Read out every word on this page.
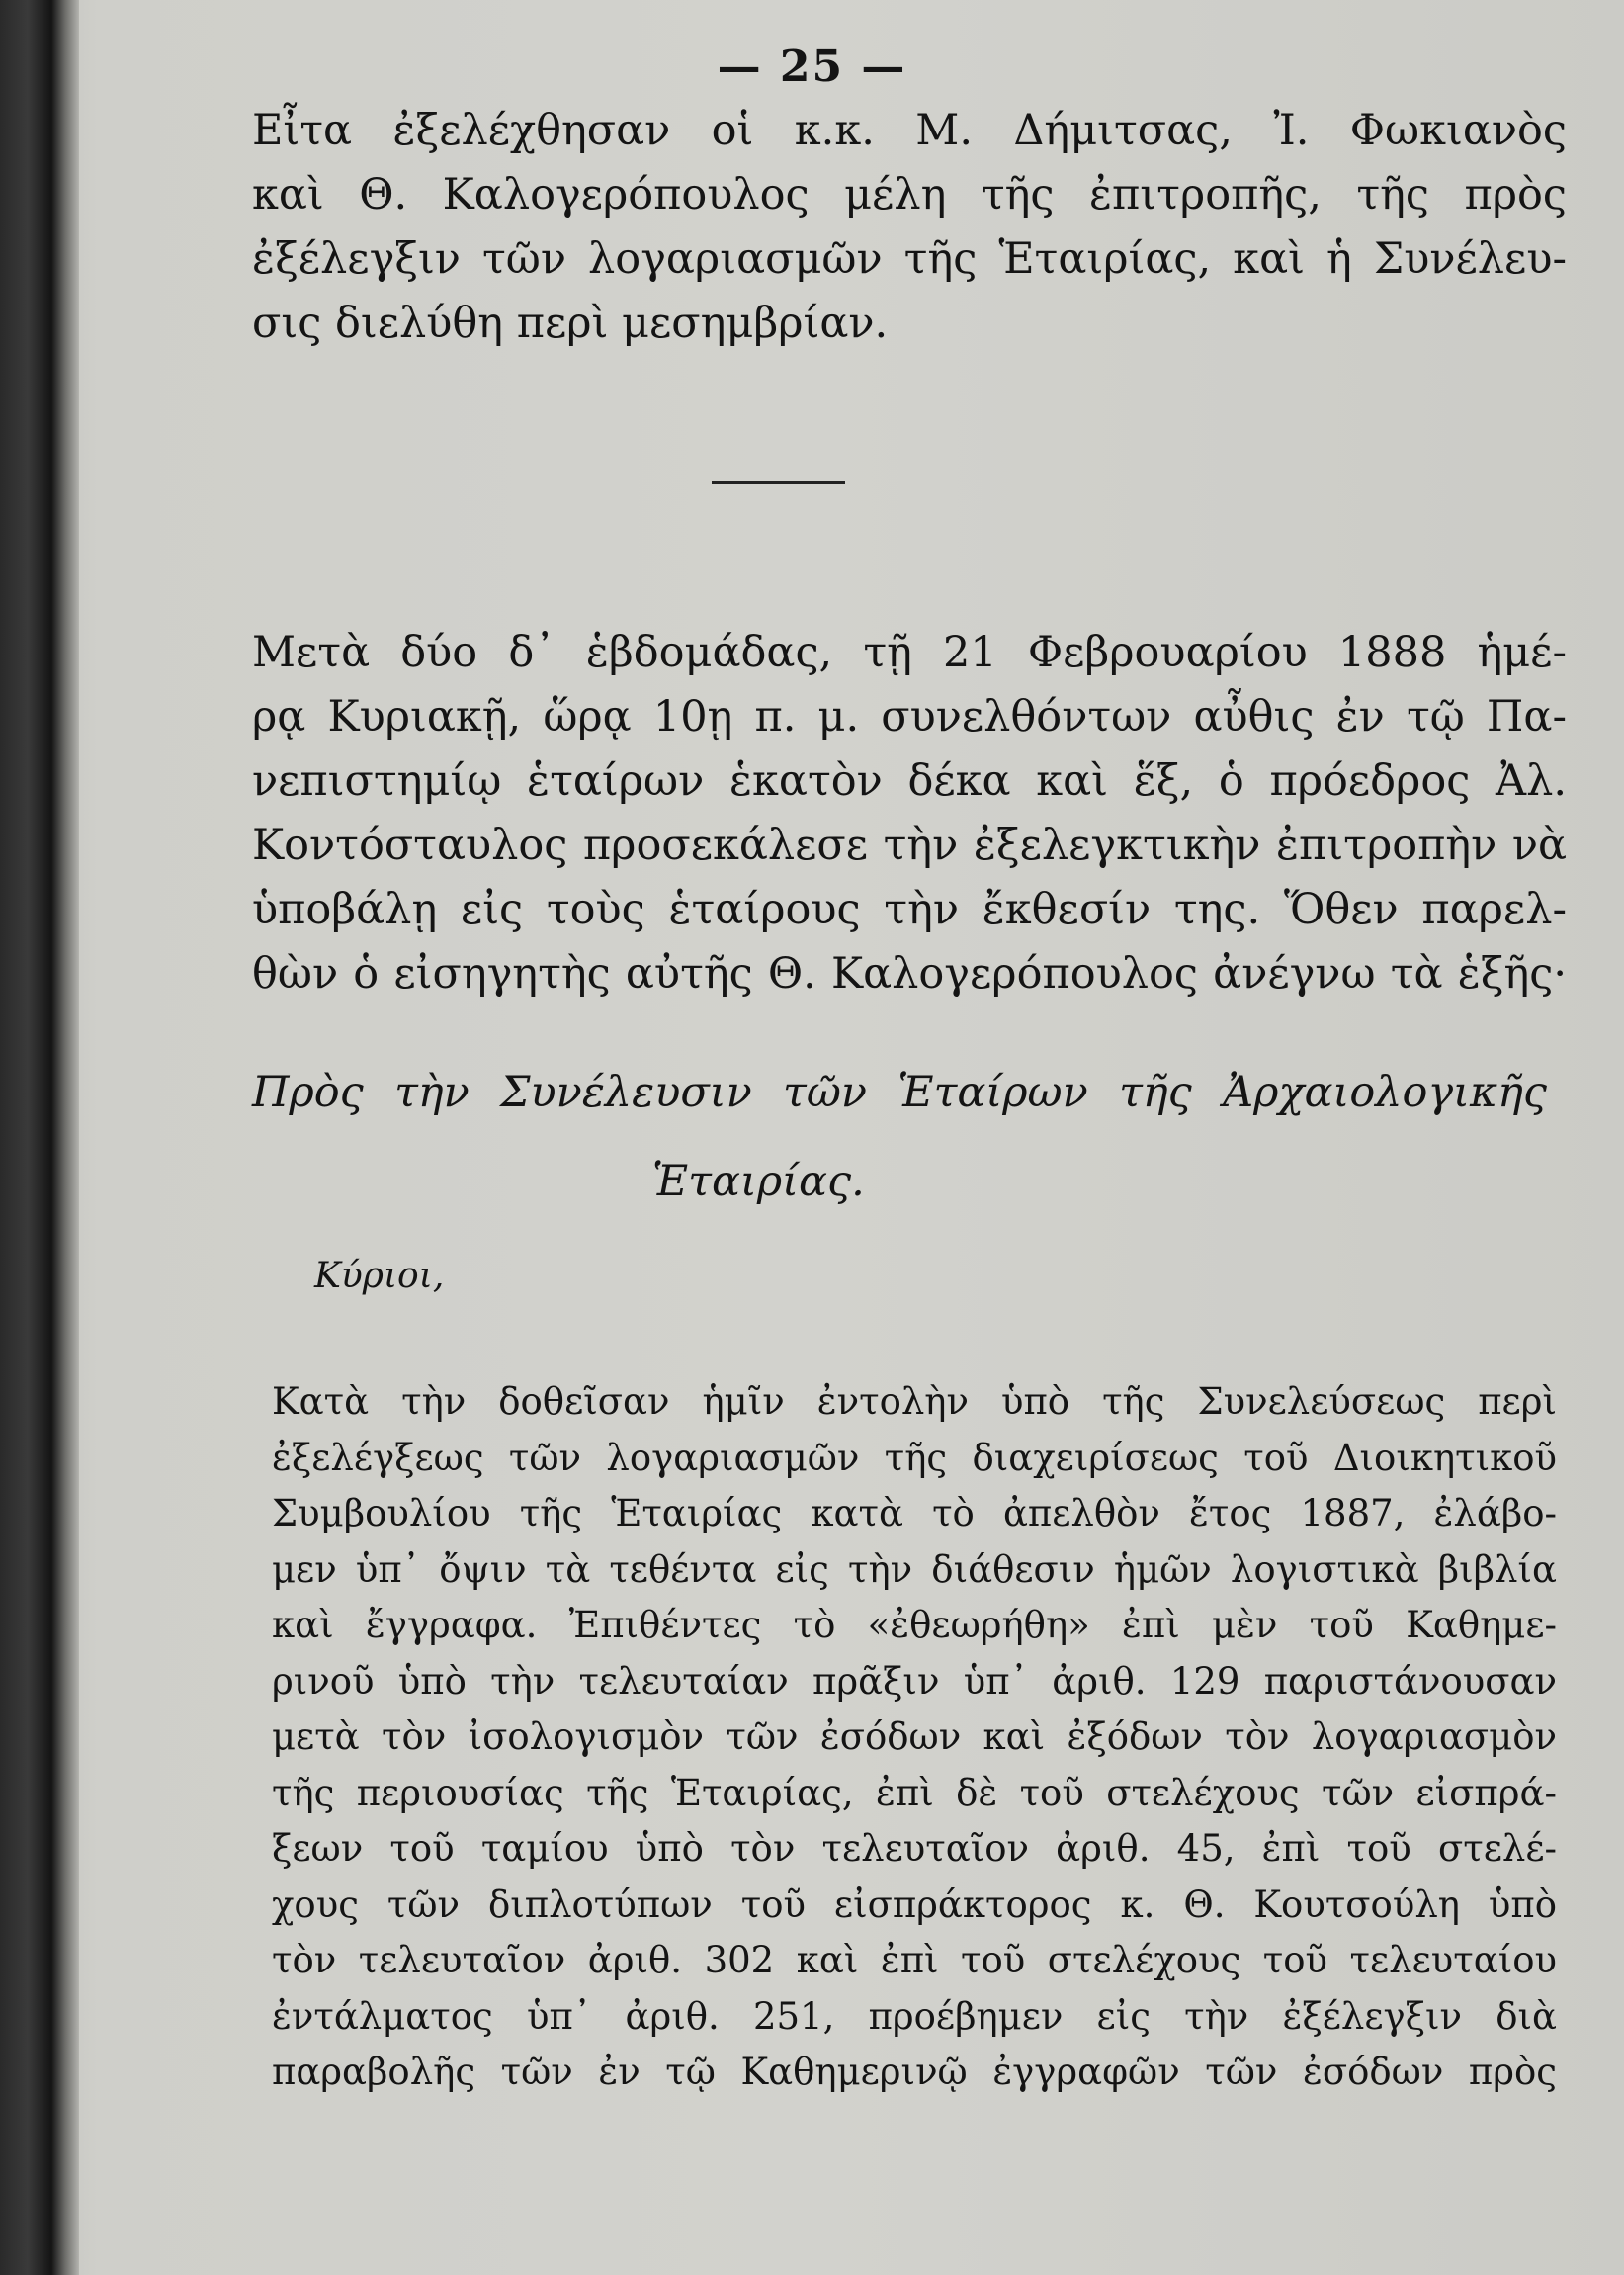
— 25 —
Εἶτα ἐξελέχθησαν οἱ κ.κ. Μ. Δήμιτσας, Ἰ. Φωκιανὸς
καὶ Θ. Καλογερόπουλος μέλη τῆς ἐπιτροπῆς, τῆς πρὸς
ἐξέλεγξιν τῶν λογαριασμῶν τῆς Ἑταιρίας, καὶ ἡ Συνέλευ-
σις διελύθη περὶ μεσημβρίαν.
Μετὰ δύο δ᾽ ἑβδομάδας, τῇ 21 Φεβρουαρίου 1888 ἡμέ-
ρᾳ Κυριακῇ, ὥρᾳ 10ῃ π. μ. συνελθόντων αὖθις ἐν τῷ Πα-
νεπιστημίῳ ἑταίρων ἑκατὸν δέκα καὶ ἕξ, ὁ πρόεδρος Ἀλ.
Κοντόσταυλος προσεκάλεσε τὴν ἐξελεγκτικὴν ἐπιτροπὴν νὰ
ὑποβάλῃ εἰς τοὺς ἑταίρους τὴν ἔκθεσίν της. Ὅθεν παρελ-
θὼν ὁ εἰσηγητὴς αὐτῆς Θ. Καλογερόπουλος ἀνέγνω τὰ ἑξῆς·
Πρὸς τὴν Συνέλευσιν τῶν Ἑταίρων τῆς Ἀρχαιολογικῆς
Ἑταιρίας.
Κύριοι,
Κατὰ τὴν δοθεῖσαν ἡμῖν ἐντολὴν ὑπὸ τῆς Συνελεύσεως περὶ
ἐξελέγξεως τῶν λογαριασμῶν τῆς διαχειρίσεως τοῦ Διοικητικοῦ
Συμβουλίου τῆς Ἑταιρίας κατὰ τὸ ἀπελθὸν ἔτος 1887, ἐλάβο-
μεν ὑπ᾽ ὄψιν τὰ τεθέντα εἰς τὴν διάθεσιν ἡμῶν λογιστικὰ βιβλία
καὶ ἔγγραφα. Ἐπιθέντες τὸ «ἐθεωρήθη» ἐπὶ μὲν τοῦ Καθημε-
ρινοῦ ὑπὸ τὴν τελευταίαν πρᾶξιν ὑπ᾽ ἀριθ. 129 παριστάνουσαν
μετὰ τὸν ἰσολογισμὸν τῶν ἐσόδων καὶ ἐξόδων τὸν λογαριασμὸν
τῆς περιουσίας τῆς Ἑταιρίας, ἐπὶ δὲ τοῦ στελέχους τῶν εἰσπρά-
ξεων τοῦ ταμίου ὑπὸ τὸν τελευταῖον ἀριθ. 45, ἐπὶ τοῦ στελέ-
χους τῶν διπλοτύπων τοῦ εἰσπράκτορος κ. Θ. Κουτσούλη ὑπὸ
τὸν τελευταῖον ἀριθ. 302 καὶ ἐπὶ τοῦ στελέχους τοῦ τελευταίου
ἐντάλματος ὑπ᾽ ἀριθ. 251, προέβημεν εἰς τὴν ἐξέλεγξιν διὰ
παραβολῆς τῶν ἐν τῷ Καθημερινῷ ἐγγραφῶν τῶν ἐσόδων πρὸς
